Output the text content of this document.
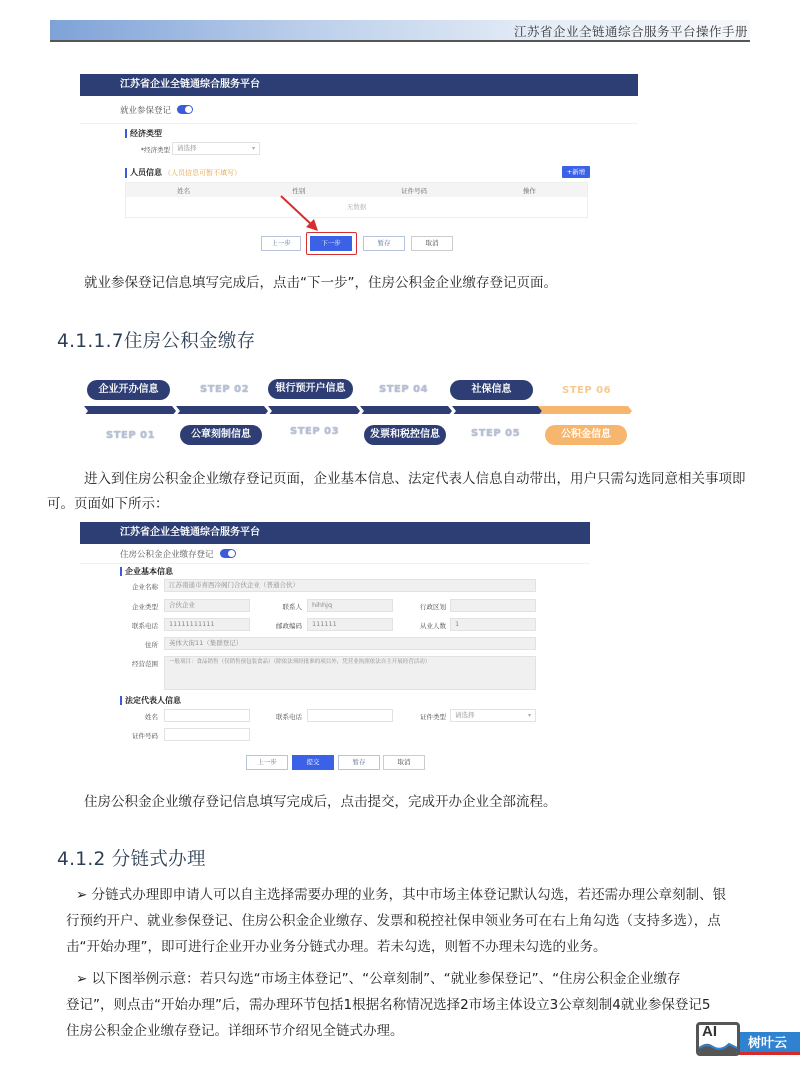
江苏省企业全链通综合服务平台操作手册
江苏省企业全链通综合服务平台
就业参保登记
经济类型
*经济类型	请选择	▾
人员信息 （人员信息可暂不填写）	+新增
姓名	性别	证件号码	操作
无数据
上一步	下一步	暂存	取消
就业参保登记信息填写完成后，点击“下一步”，住房公积金企业缴存登记页面。
4.1.1.7住房公积金缴存
企业开办信息	STEP 02	银行预开户信息	STEP 04	社保信息	STEP 06
STEP 01	公章刻制信息	STEP 03	发票和税控信息	STEP 05	公积金信息
进入到住房公积金企业缴存登记页面，企业基本信息、法定代表人信息自动带出，用户只需勾选同意相关事项即
可。页面如下所示：
江苏省企业全链通综合服务平台
住房公积金企业缴存登记
企业基本信息
企业名称	江苏南通市喜西冷阁门合伙企业（普通合伙）
企业类型	合伙企业	联系人	hihhjq	行政区划
联系电话	11111111111	邮政编码	111111	从业人数	1
住所	英体大街11（集群登记）
经营范围	一般项目：食品销售（仅销售预包装食品）（除依法须经批准的项目外，凭营业执照依法自主开展经营活动）
法定代表人信息
姓名	联系电话	证件类型	请选择	▾
证件号码
上一步	提交	暂存	取消
住房公积金企业缴存登记信息填写完成后，点击提交，完成开办企业全部流程。
4.1.2 分链式办理
➢ 分链式办理即申请人可以自主选择需要办理的业务，其中市场主体登记默认勾选，若还需办理公章刻制、银
行预约开户、就业参保登记、住房公积金企业缴存、发票和税控社保申领业务可在右上角勾选（支持多选），点
击“开始办理”，即可进行企业开办业务分链式办理。若未勾选，则暂不办理未勾选的业务。
➢ 以下图举例示意：若只勾选“市场主体登记”、“公章刻制”、“就业参保登记”、“住房公积金企业缴存
登记”，则点击“开始办理”后，需办理环节包括1根据名称情况选择2市场主体设立3公章刻制4就业参保登记5
住房公积金企业缴存登记。详细环节介绍见全链式办理。	AI
树叶云
